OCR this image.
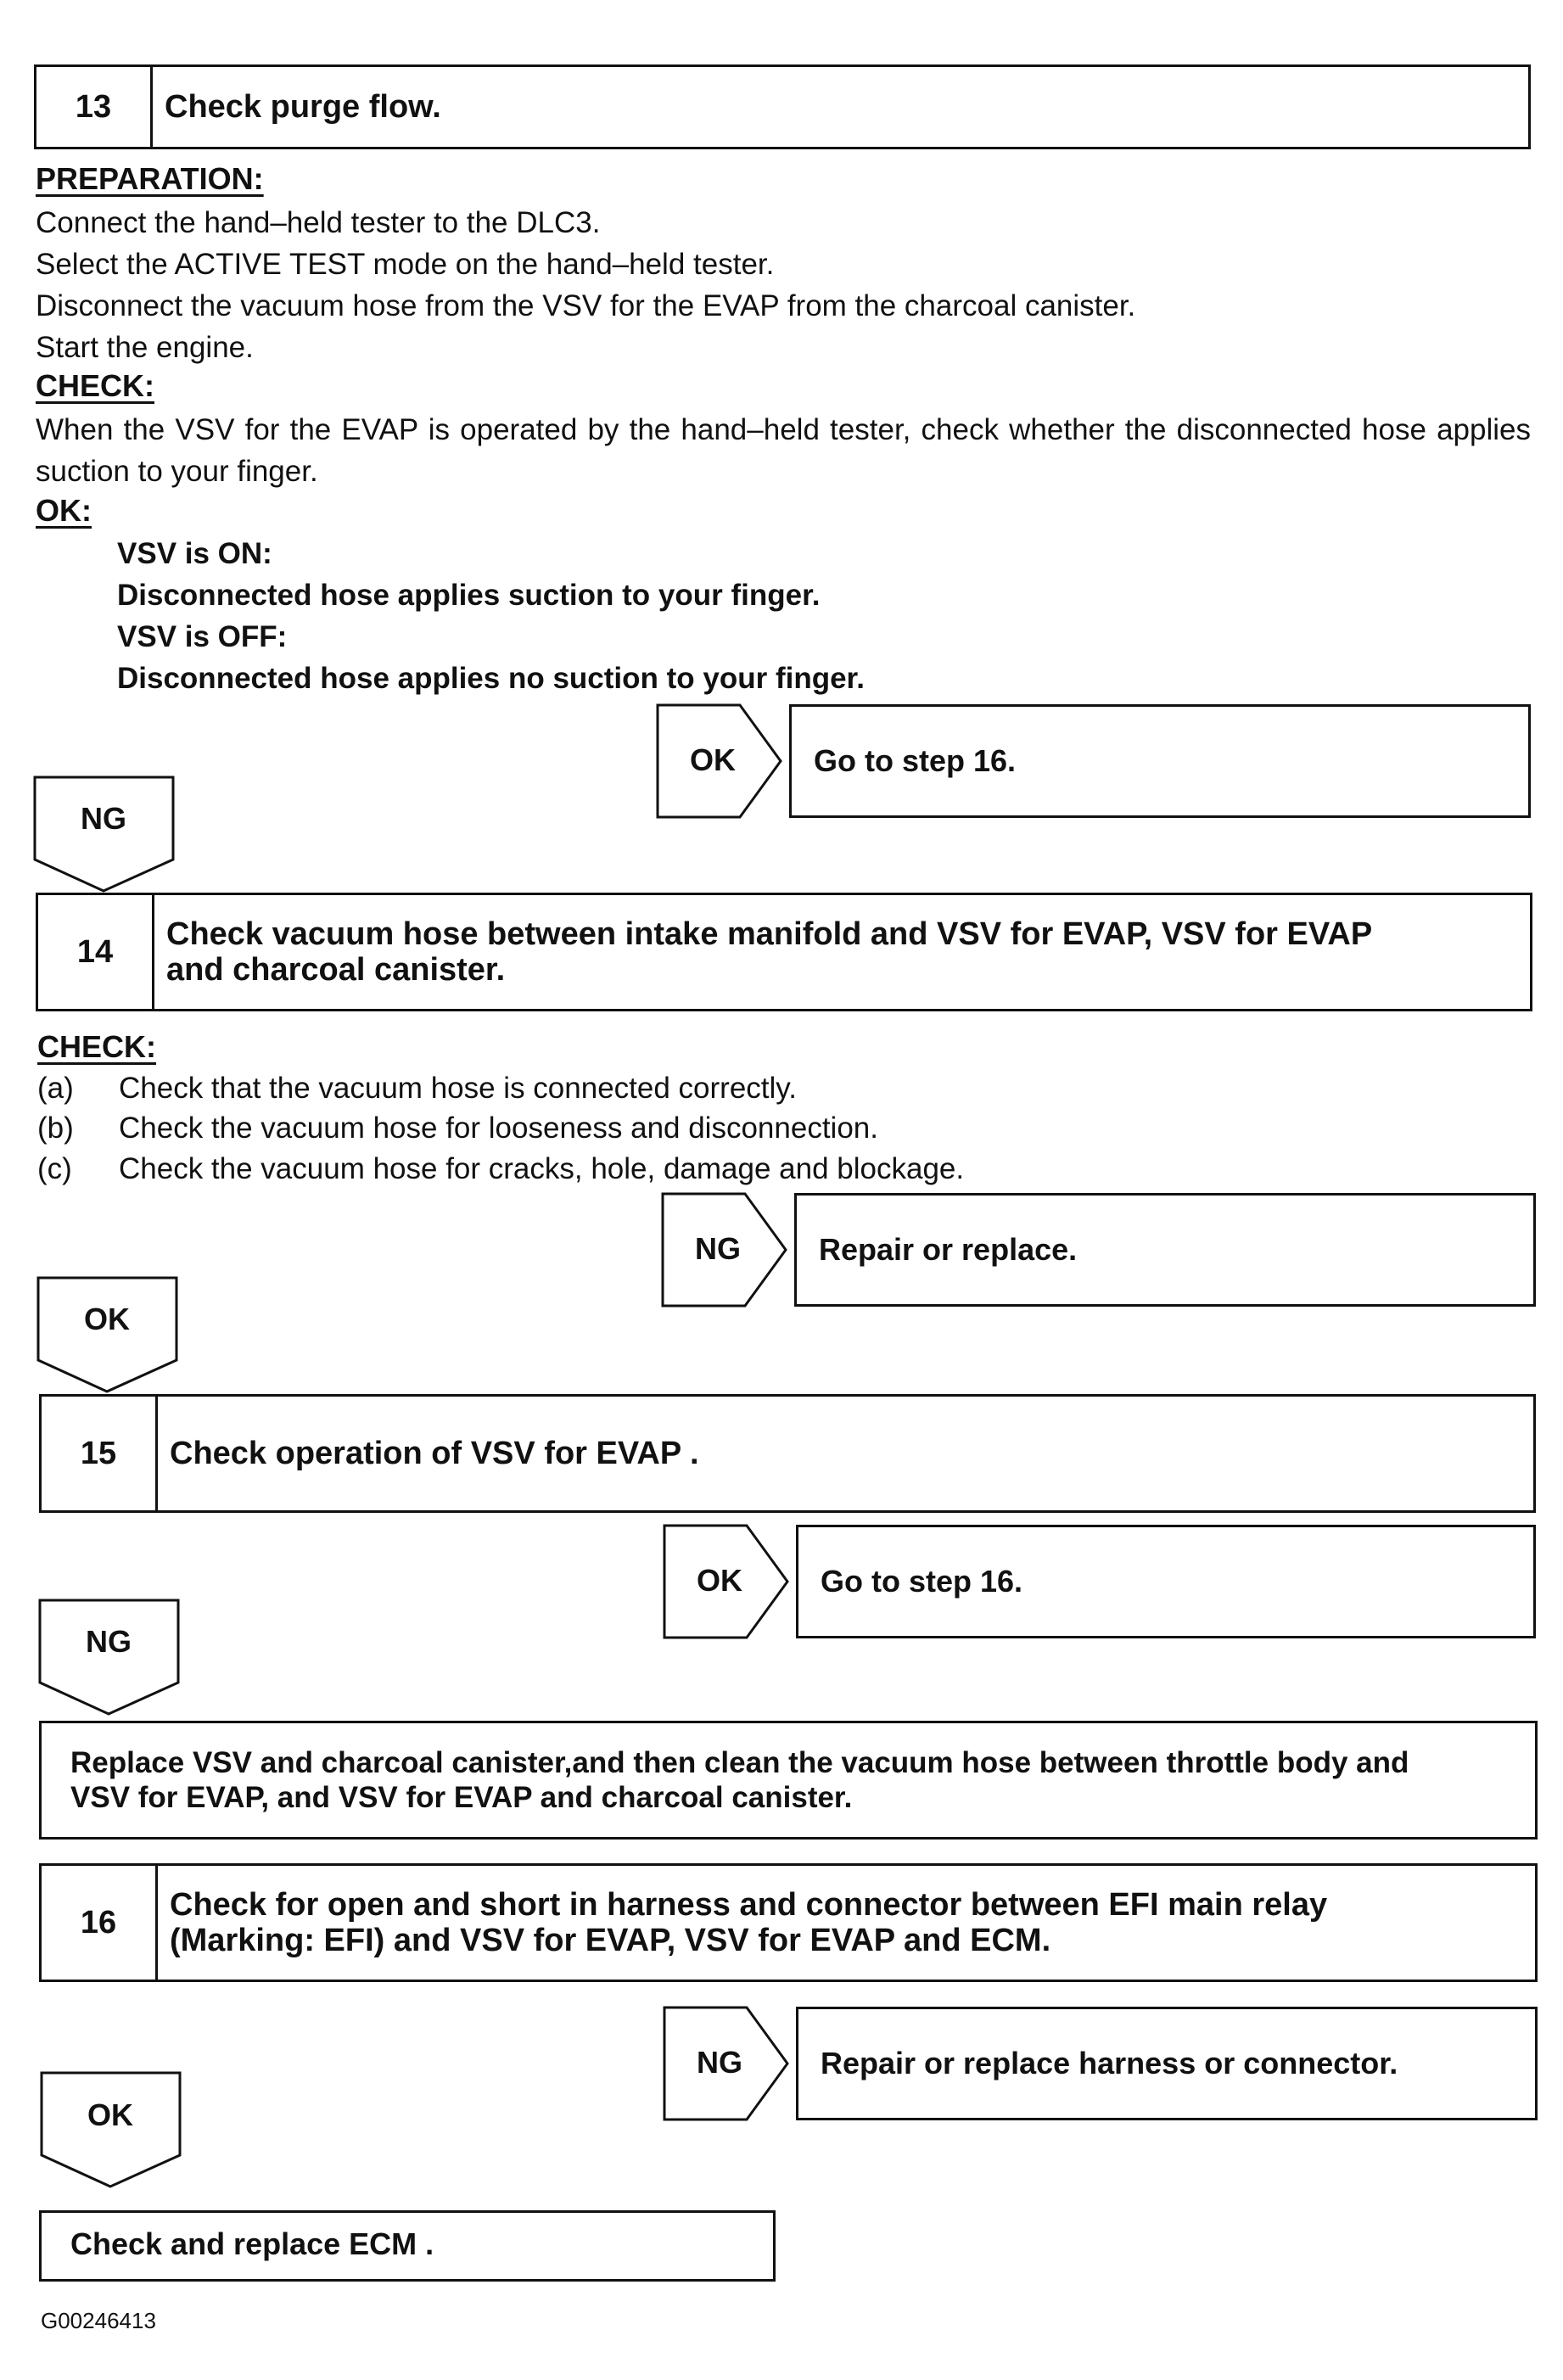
13	Check purge flow.
PREPARATION:
Connect the hand–held tester to the DLC3.
Select the ACTIVE TEST mode on the hand–held tester.
Disconnect the vacuum hose from the VSV for the EVAP from the charcoal canister.
Start the engine.
CHECK:
When the VSV for the EVAP is operated by the hand–held tester, check whether the disconnected hose applies suction to your finger.
OK:
VSV is ON:
Disconnected hose applies suction to your finger.
VSV is OFF:
Disconnected hose applies no suction to your finger.
OK	Go to step 16.
NG
14	Check vacuum hose between intake manifold and VSV for EVAP, VSV for EVAP
and charcoal canister.
CHECK:
(a) Check that the vacuum hose is connected correctly.
(b) Check the vacuum hose for looseness and disconnection.
(c) Check the vacuum hose for cracks, hole, damage and blockage.
NG	Repair or replace.
OK
15	Check operation of VSV for EVAP .
OK	Go to step 16.
NG
Replace VSV and charcoal canister,and then clean the vacuum hose between throttle body and
VSV for EVAP, and VSV for EVAP and charcoal canister.
16	Check for open and short in harness and connector between EFI main relay
(Marking: EFI) and VSV for EVAP, VSV for EVAP and ECM.
NG	Repair or replace harness or connector.
OK
Check and replace ECM .
G00246413
